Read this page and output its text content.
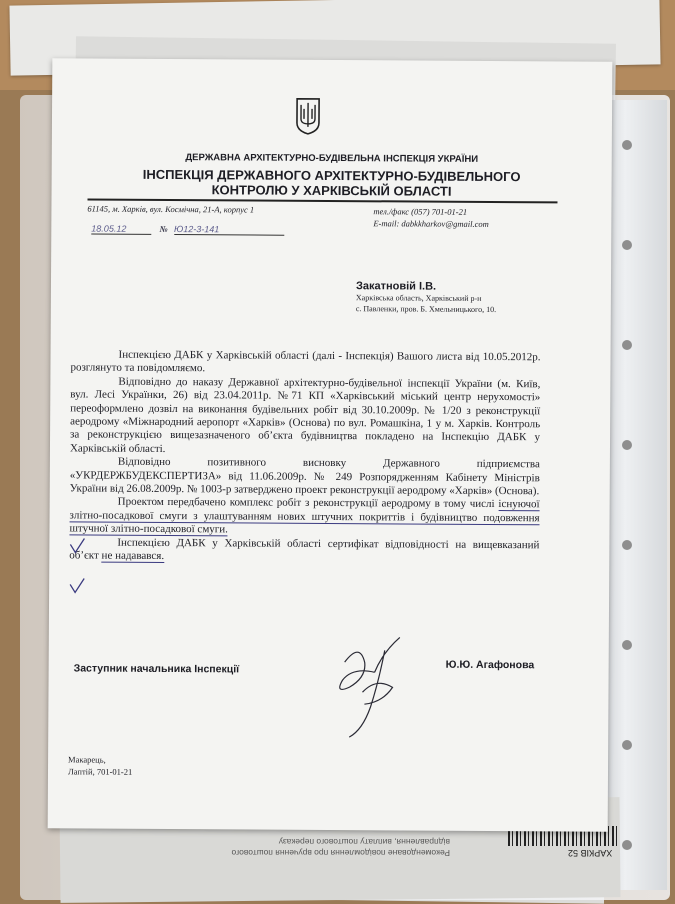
Рекомендоване повідомлення про вручення поштового
відправлення, виплату поштового переказу
ХАРКІВ 52
ДЕРЖАВНА АРХІТЕКТУРНО-БУДІВЕЛЬНА ІНСПЕКЦІЯ УКРАЇНИ
ІНСПЕКЦІЯ ДЕРЖАВНОГО АРХІТЕКТУРНО-БУДІВЕЛЬНОГО
КОНТРОЛЮ У ХАРКІВСЬКІЙ ОБЛАСТІ
61145, м. Харків, вул. Космічна, 21-А, корпус 1	тел./факс (057) 701-01-21
E-mail: dabkkharkov@gmail.com
18.05.12	№ Ю12-3-141
Закатновій І.В.
Харківська область, Харківський р-н
с. Павленки, пров. Б. Хмельницького, 10.

Інспекцією ДАБК у Харківській області (далі - Інспекція) Вашого листа від 10.05.2012р. розглянуто та повідомляємо.

Відповідно до наказу Державної архітектурно-будівельної інспекції України (м. Київ, вул. Лесі Українки, 26) від 23.04.2011р. №71 КП «Харківський міський центр нерухомості» переоформлено дозвіл на виконання будівельних робіт від 30.10.2009р. № 1/20 з реконструкції аеродрому «Міжнародний аеропорт «Харків» (Основа) по вул. Ромашкіна, 1 у м. Харків. Контроль за реконструкцією вищезазначеного об’єкта будівництва покладено на Інспекцію ДАБК у Харківській області.

Відповідно позитивного висновку Державного підприємства «УКРДЕРЖБУДЕКСПЕРТИЗА» від 11.06.2009р. № 249 Розпорядженням Кабінету Міністрів України від 26.08.2009р. № 1003-р затверджено проект реконструкції аеродрому «Харків» (Основа).

Проектом передбачено комплекс робіт з реконструкції аеродрому в тому числі існуючої злітно-посадкової смуги з улаштуванням нових штучних покриттів і будівництво подовження штучної злітно-посадкової смуги.

Інспекцією ДАБК у Харківській області сертифікат відповідності на вищевказаний об’єкт не надавався.

Заступник начальника Інспекції	Ю.Ю. Агафонова
Макарець,
Лаптій, 701-01-21
